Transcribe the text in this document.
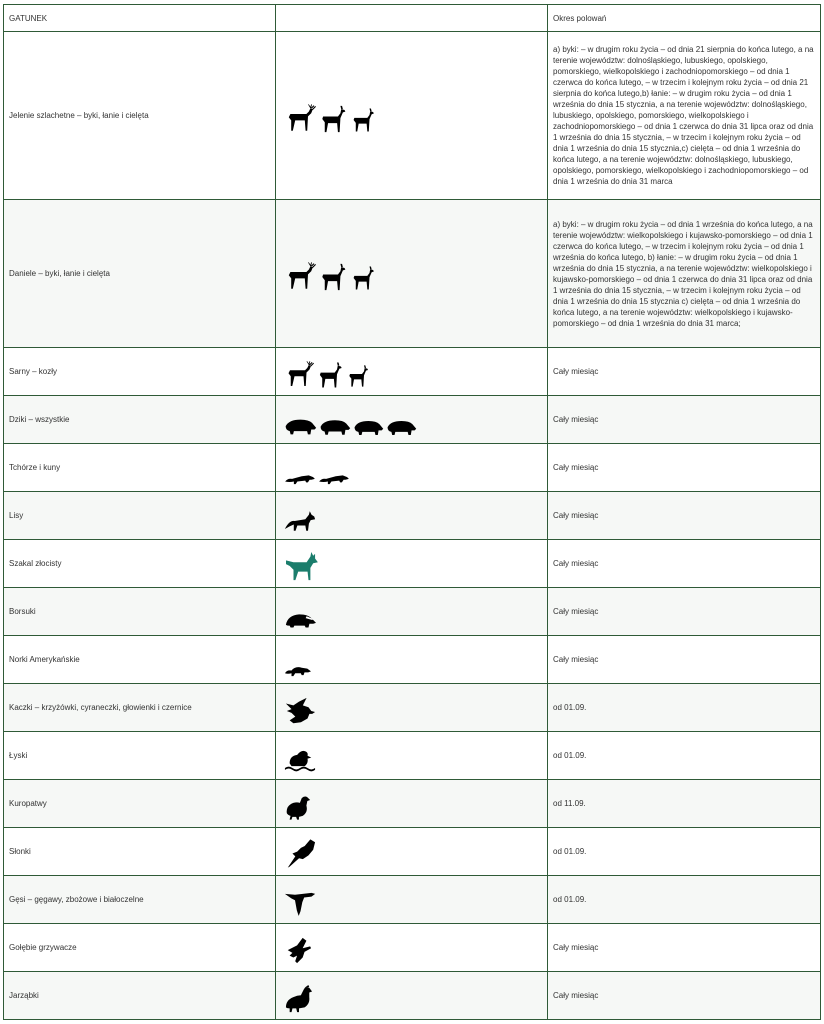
GATUNEK		Okres polowań
Jelenie szlachetne – byki, łanie i cielęta		a) byki: – w drugim roku życia – od dnia 21 sierpnia do końca lutego, a na terenie województw: dolnośląskiego, lubuskiego, opolskiego, pomorskiego, wielkopolskiego i zachodniopomorskiego – od dnia 1 czerwca do końca lutego, – w trzecim i kolejnym roku życia – od dnia 21 sierpnia do końca lutego,b) łanie: – w drugim roku życia – od dnia 1 września do dnia 15 stycznia, a na terenie województw: dolnośląskiego, lubuskiego, opolskiego, pomorskiego, wielkopolskiego i zachodniopomorskiego – od dnia 1 czerwca do dnia 31 lipca oraz od dnia 1 września do dnia 15 stycznia, – w trzecim i kolejnym roku życia – od dnia 1 września do dnia 15 stycznia,c) cielęta – od dnia 1 września do końca lutego, a na terenie województw: dolnośląskiego, lubuskiego, opolskiego, pomorskiego, wielkopolskiego i zachodniopomorskiego – od dnia 1 września do dnia 31 marca
Daniele – byki, łanie i cielęta		a) byki: – w drugim roku życia – od dnia 1 września do końca lutego, a na terenie województw: wielkopolskiego i kujawsko-pomorskiego – od dnia 1 czerwca do końca lutego, – w trzecim i kolejnym roku życia – od dnia 1 września do końca lutego, b) łanie: – w drugim roku życia – od dnia 1 września do dnia 15 stycznia, a na terenie województw: wielkopolskiego i kujawsko-pomorskiego – od dnia 1 czerwca do dnia 31 lipca oraz od dnia 1 września do dnia 15 stycznia, – w trzecim i kolejnym roku życia – od dnia 1 września do dnia 15 stycznia c) cielęta – od dnia 1 września do końca lutego, a na terenie województw: wielkopolskiego i kujawsko-pomorskiego – od dnia 1 września do dnia 31 marca;
Sarny – kozły		Cały miesiąc
Dziki – wszystkie		Cały miesiąc
Tchórze i kuny		Cały miesiąc
Lisy		Cały miesiąc
Szakal złocisty		Cały miesiąc
Borsuki		Cały miesiąc
Norki Amerykańskie		Cały miesiąc
Kaczki – krzyżówki, cyraneczki, głowienki i czernice		od 01.09.
Łyski		od 01.09.
Kuropatwy		od 11.09.
Słonki		od 01.09.
Gęsi – gęgawy, zbożowe i białoczelne		od 01.09.
Gołębie grzywacze		Cały miesiąc
Jarząbki		Cały miesiąc
